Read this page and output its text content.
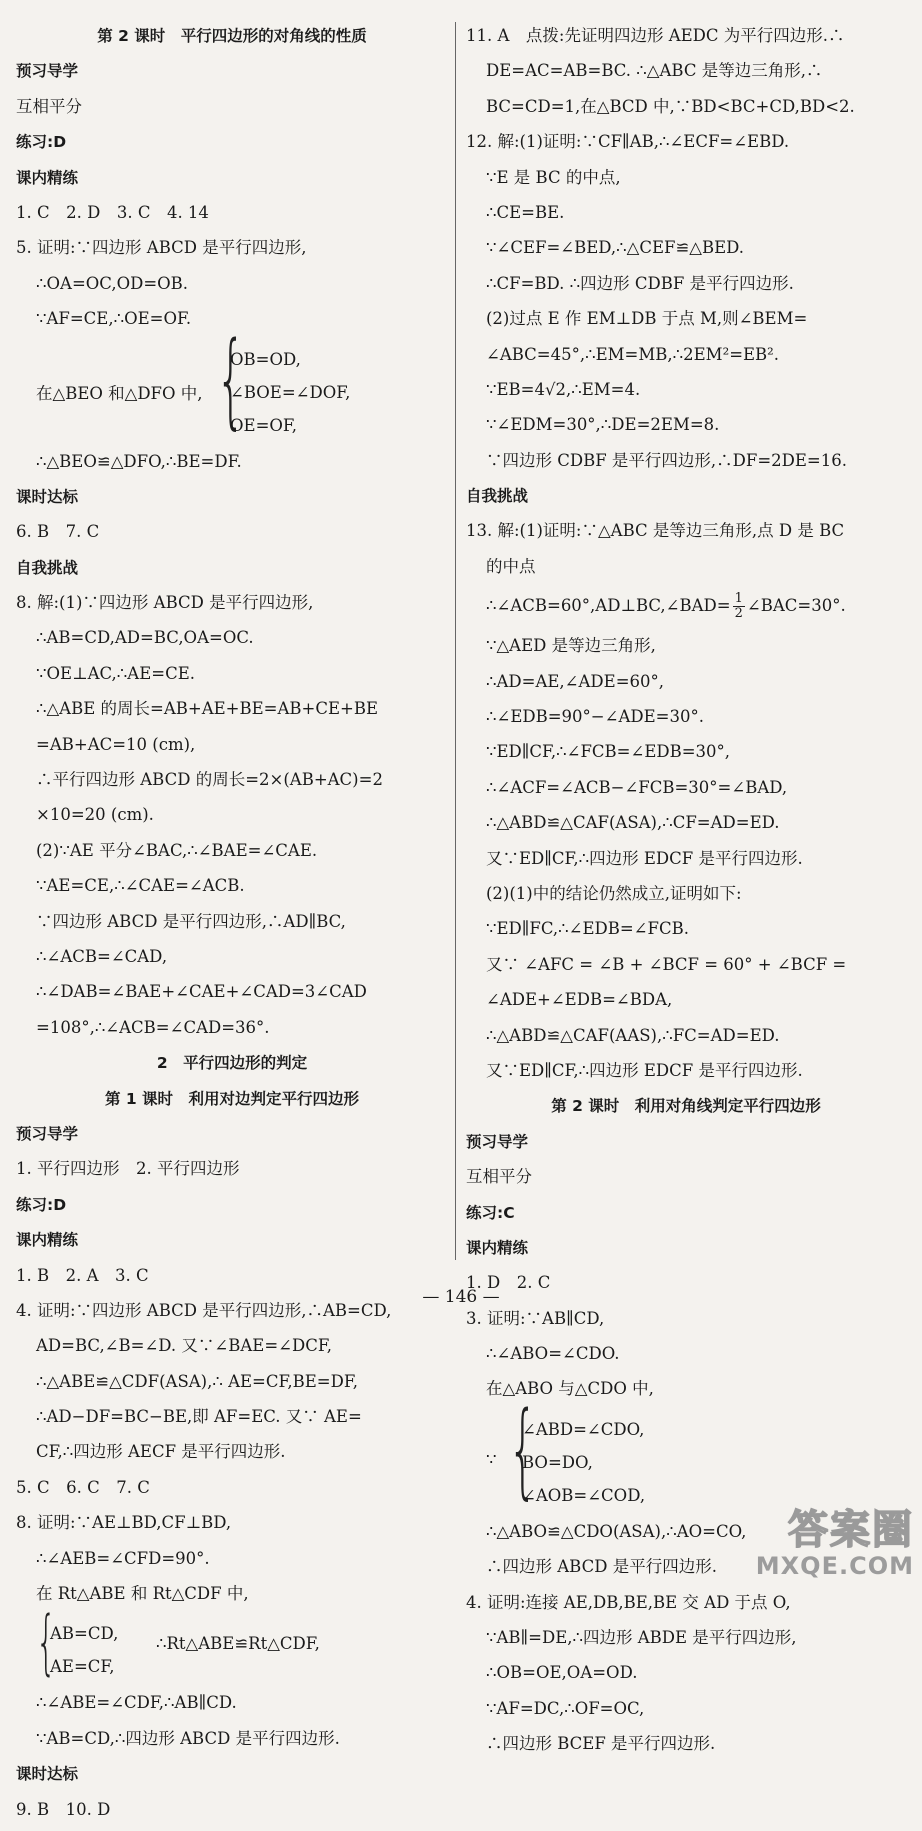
第 2 课时　平行四边形的对角线的性质
预习导学
互相平分
练习:D
课内精练
1. C　2. D　3. C　4. 14
5. 证明:∵四边形 ABCD 是平行四边形,
∴OA=OC,OD=OB.
∵AF=CE,∴OE=OF.
在△BEO 和△DFO 中, {
OB=OD,
∠BOE=∠DOF,
OE=OF,
∴△BEO≌△DFO,∴BE=DF.
课时达标
6. B　7. C
自我挑战
8. 解:(1)∵四边形 ABCD 是平行四边形,
∴AB=CD,AD=BC,OA=OC.
∵OE⊥AC,∴AE=CE.
∴△ABE 的周长=AB+AE+BE=AB+CE+BE
=AB+AC=10 (cm),
∴平行四边形 ABCD 的周长=2×(AB+AC)=2
×10=20 (cm).
(2)∵AE 平分∠BAC,∴∠BAE=∠CAE.
∵AE=CE,∴∠CAE=∠ACB.
∵四边形 ABCD 是平行四边形,∴AD∥BC,
∴∠ACB=∠CAD,
∴∠DAB=∠BAE+∠CAE+∠CAD=3∠CAD
=108°,∴∠ACB=∠CAD=36°.
2　平行四边形的判定
第 1 课时　利用对边判定平行四边形
预习导学
1. 平行四边形　2. 平行四边形
练习:D
课内精练
1. B　2. A　3. C
4. 证明:∵四边形 ABCD 是平行四边形,∴AB=CD,
AD=BC,∠B=∠D. 又∵∠BAE=∠DCF,
∴△ABE≌△CDF(ASA),∴ AE=CF,BE=DF,
∴AD−DF=BC−BE,即 AF=EC. 又∵ AE=
CF,∴四边形 AECF 是平行四边形.
5. C　6. C　7. C
8. 证明:∵AE⊥BD,CF⊥BD,
∴∠AEB=∠CFD=90°.
在 Rt△ABE 和 Rt△CDF 中,
{
AB=CD,
AE=CF,
∴Rt△ABE≌Rt△CDF,
∴∠ABE=∠CDF,∴AB∥CD.
∵AB=CD,∴四边形 ABCD 是平行四边形.
课时达标
9. B　10. D
11. A　点拨:先证明四边形 AEDC 为平行四边形.∴
DE=AC=AB=BC. ∴△ABC 是等边三角形,∴
BC=CD=1,在△BCD 中,∵BD<BC+CD,BD<2.
12. 解:(1)证明:∵CF∥AB,∴∠ECF=∠EBD.
∵E 是 BC 的中点,
∴CE=BE.
∵∠CEF=∠BED,∴△CEF≌△BED.
∴CF=BD. ∴四边形 CDBF 是平行四边形.
(2)过点 E 作 EM⊥DB 于点 M,则∠BEM=
∠ABC=45°,∴EM=MB,∴2EM²=EB².
∵EB=4√2,∴EM=4.
∵∠EDM=30°,∴DE=2EM=8.
∵四边形 CDBF 是平行四边形,∴DF=2DE=16.
自我挑战
13. 解:(1)证明:∵△ABC 是等边三角形,点 D 是 BC
的中点
∴∠ACB=60°,AD⊥BC,∠BAD= $\frac{1}{2}$ ∠BAC=30°.
∵△AED 是等边三角形,
∴AD=AE,∠ADE=60°,
∴∠EDB=90°−∠ADE=30°.
∵ED∥CF,∴∠FCB=∠EDB=30°,
∴∠ACF=∠ACB−∠FCB=30°=∠BAD,
∴△ABD≌△CAF(ASA),∴CF=AD=ED.
又∵ED∥CF,∴四边形 EDCF 是平行四边形.
(2)(1)中的结论仍然成立,证明如下:
∵ED∥FC,∴∠EDB=∠FCB.
又∵ ∠AFC = ∠B + ∠BCF = 60° + ∠BCF =
∠ADE+∠EDB=∠BDA,
∴△ABD≌△CAF(AAS),∴FC=AD=ED.
又∵ED∥CF,∴四边形 EDCF 是平行四边形.
第 2 课时　利用对角线判定平行四边形
预习导学
互相平分
练习:C
课内精练
1. D　2. C
3. 证明:∵AB∥CD,
∴∠ABO=∠CDO.
在△ABO 与△CDO 中,
∵ {
∠ABD=∠CDO,
BO=DO,
∠AOB=∠COD,
∴△ABO≌△CDO(ASA),∴AO=CO,
∴四边形 ABCD 是平行四边形.
4. 证明:连接 AE,DB,BE,BE 交 AD 于点 O,
∵AB∥=DE,∴四边形 ABDE 是平行四边形,
∴OB=OE,OA=OD.
∵AF=DC,∴OF=OC,
∴四边形 BCEF 是平行四边形.
— 146 —
答案圈
MXQE.COM
